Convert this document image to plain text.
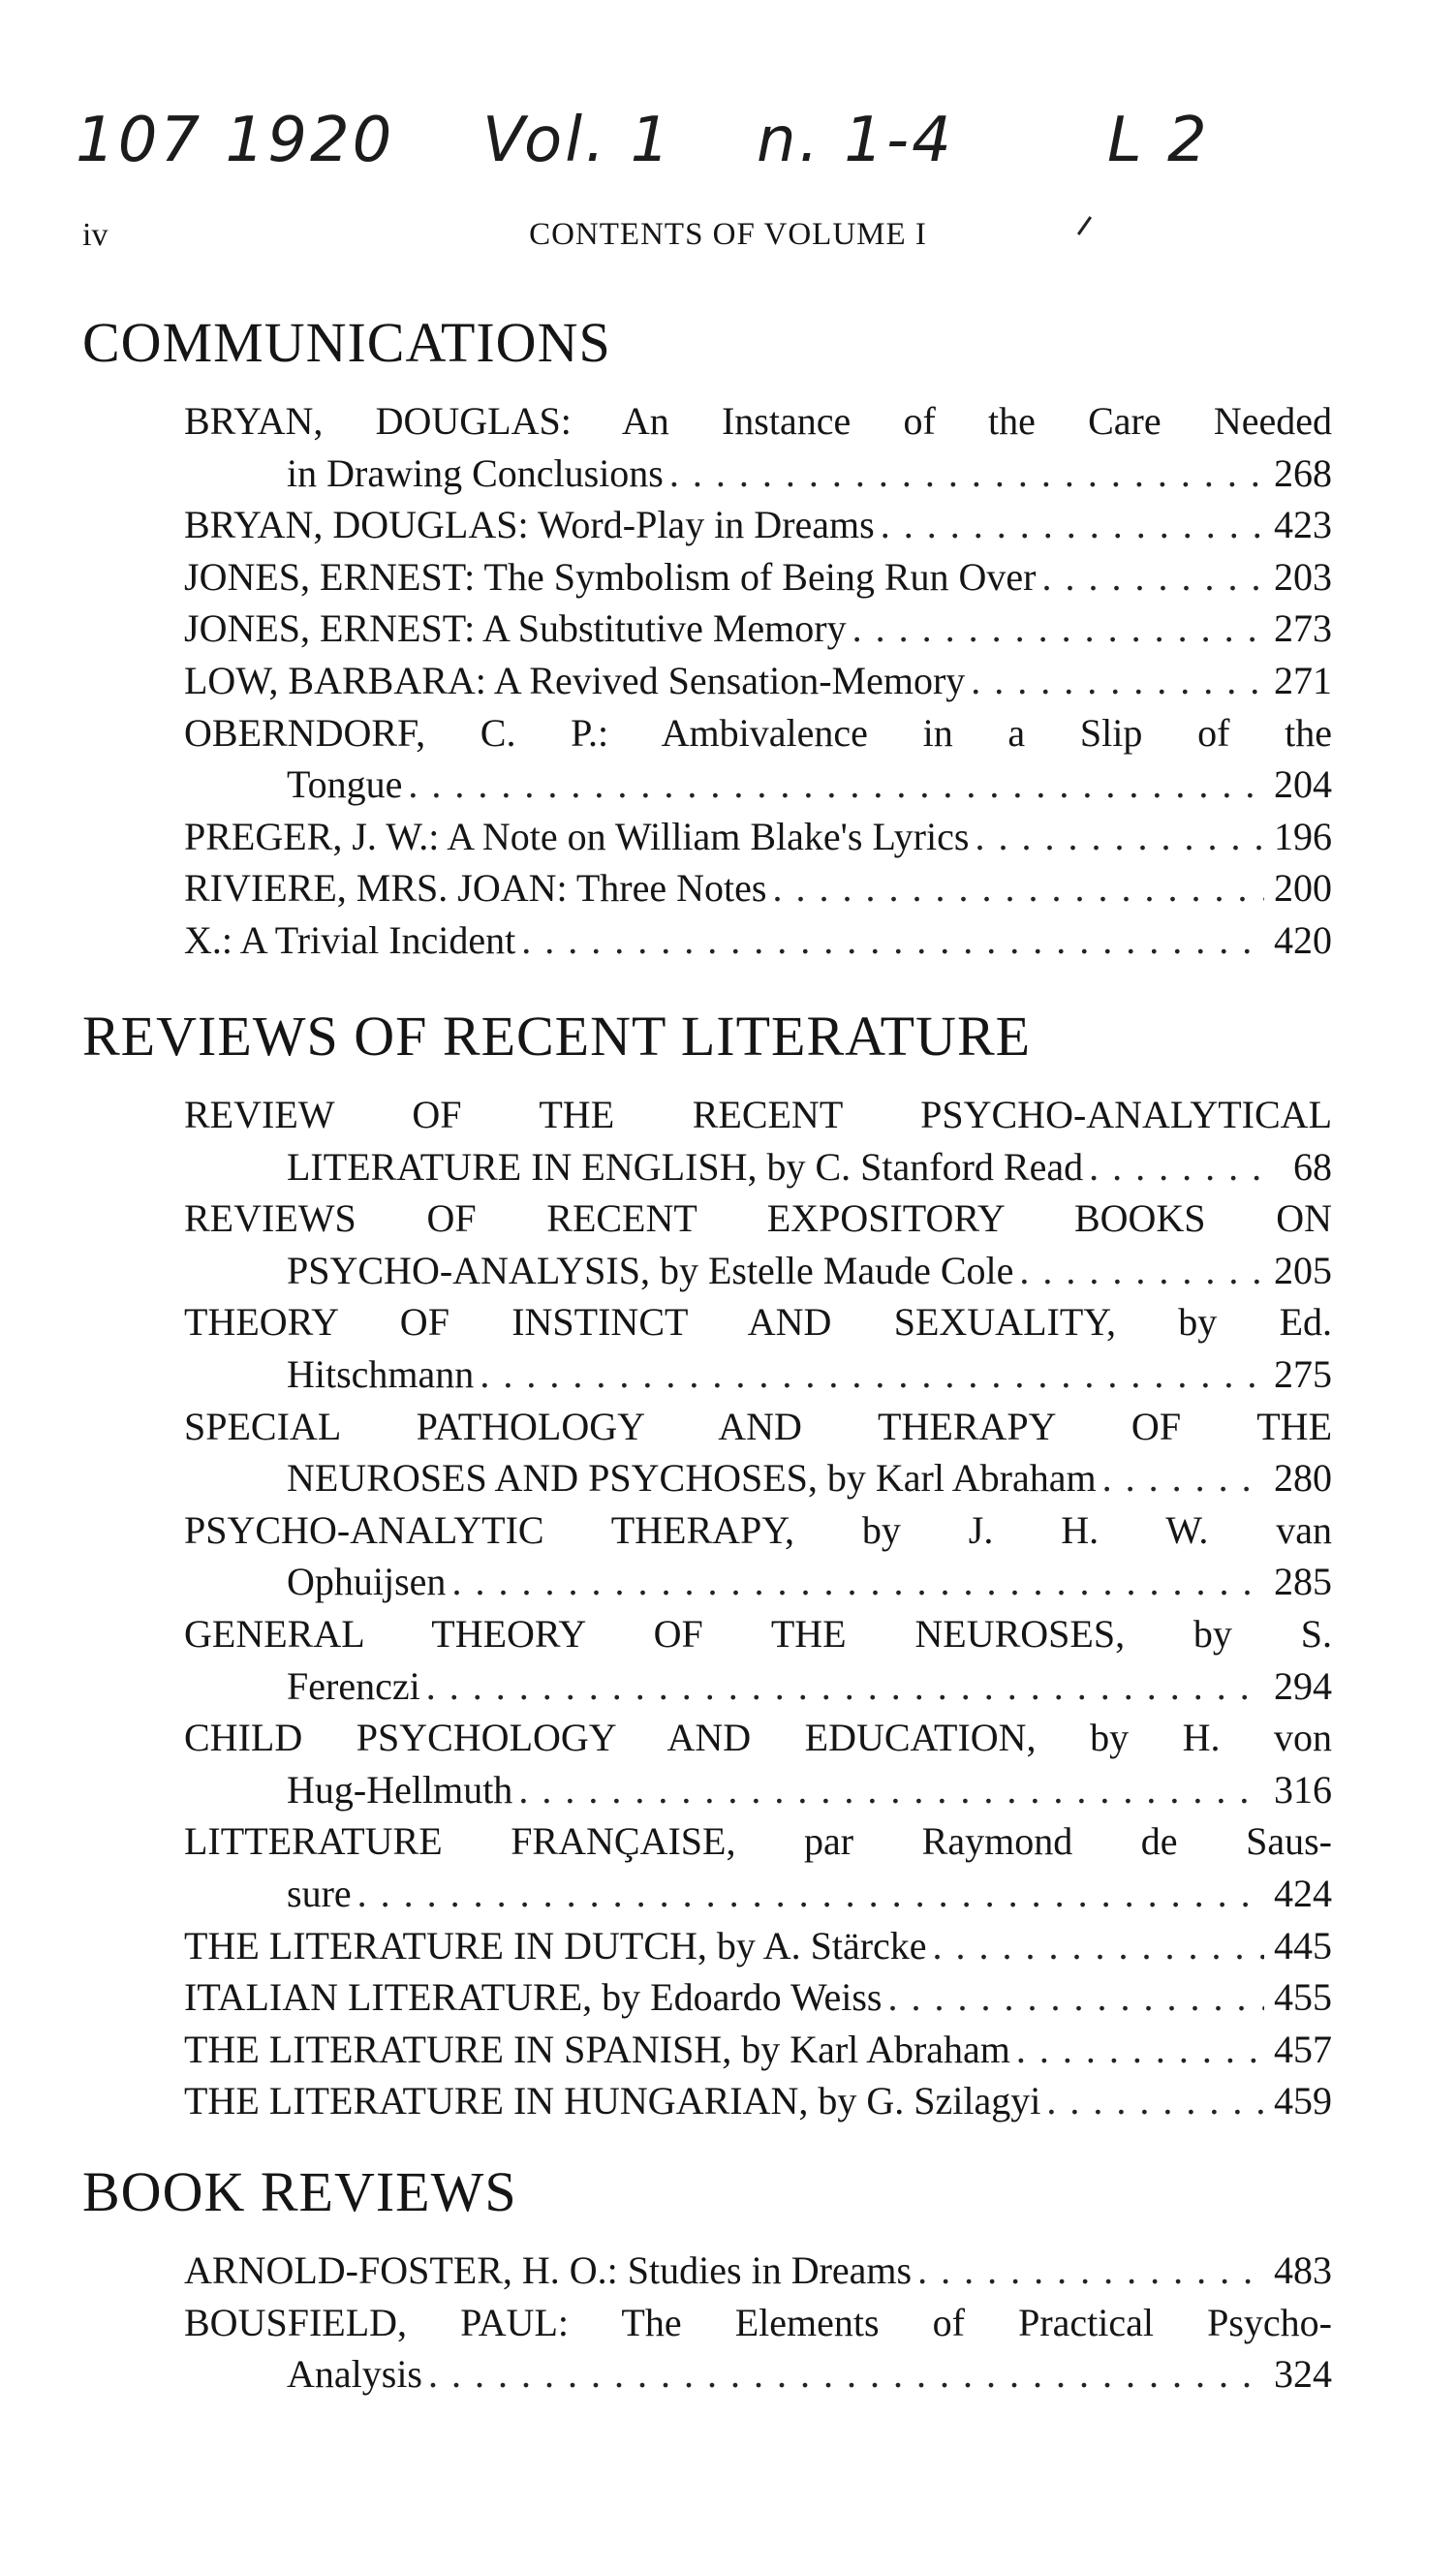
107 1920 Vol. 1 n. 1-4 L 2
iv	CONTENTS OF VOLUME I
COMMUNICATIONS
BRYAN, DOUGLAS: An Instance of the Care Needed
in Drawing Conclusions . . .	268
BRYAN, DOUGLAS: Word-Play in Dreams . . .	423
JONES, ERNEST: The Symbolism of Being Run Over . . .	203
JONES, ERNEST: A Substitutive Memory . . .	273
LOW, BARBARA: A Revived Sensation-Memory . . .	271
OBERNDORF, C. P.: Ambivalence in a Slip of the
Tongue . . .	204
PREGER, J. W.: A Note on William Blake's Lyrics . . .	196
RIVIERE, MRS. JOAN: Three Notes . . .	200
X.: A Trivial Incident . . .	420
REVIEWS OF RECENT LITERATURE
REVIEW OF THE RECENT PSYCHO-ANALYTICAL
LITERATURE IN ENGLISH, by C. Stanford Read . . .	68
REVIEWS OF RECENT EXPOSITORY BOOKS ON
PSYCHO-ANALYSIS, by Estelle Maude Cole . . .	205
THEORY OF INSTINCT AND SEXUALITY, by Ed.
Hitschmann . . .	275
SPECIAL PATHOLOGY AND THERAPY OF THE
NEUROSES AND PSYCHOSES, by Karl Abraham . . .	280
PSYCHO-ANALYTIC THERAPY, by J. H. W. van
Ophuijsen . . .	285
GENERAL THEORY OF THE NEUROSES, by S.
Ferenczi . . .	294
CHILD PSYCHOLOGY AND EDUCATION, by H. von
Hug-Hellmuth . . .	316
LITTERATURE FRANÇAISE, par Raymond de Saus-
sure . . .	424
THE LITERATURE IN DUTCH, by A. Stärcke . . .	445
ITALIAN LITERATURE, by Edoardo Weiss . . .	455
THE LITERATURE IN SPANISH, by Karl Abraham . . .	457
THE LITERATURE IN HUNGARIAN, by G. Szilagyi . . .	459
BOOK REVIEWS
ARNOLD-FOSTER, H. O.: Studies in Dreams . . .	483
BOUSFIELD, PAUL: The Elements of Practical Psycho-
Analysis . . .	324
